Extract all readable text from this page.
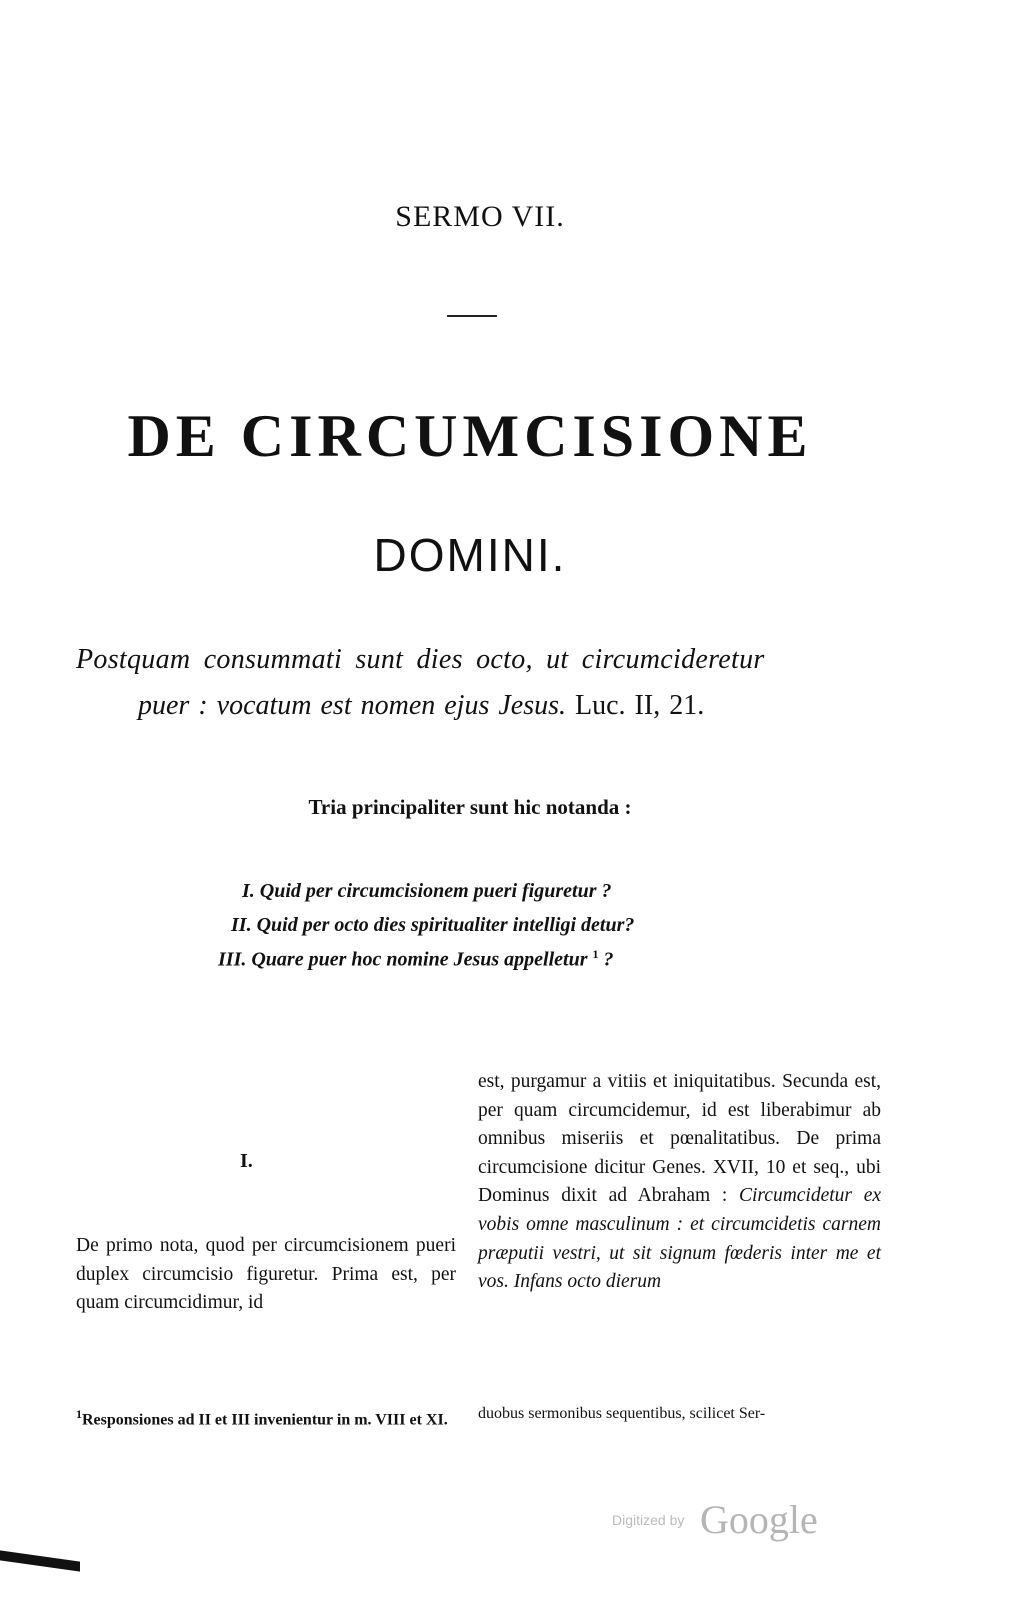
SERMO VII.
DE CIRCUMCISIONE
DOMINI.
Postquam consummati sunt dies octo, ut circumcideretur
puer : vocatum est nomen ejus Jesus. Luc. II, 21.
Tria principaliter sunt hic notanda :
I. Quid per circumcisionem pueri figuretur ?
II. Quid per octo dies spiritualiter intelligi detur?
III. Quare puer hoc nomine Jesus appelletur $^1$ ?
I.
De primo nota, quod per circumcisionem pueri duplex circumcisio figuretur. Prima est, per quam circumcidimur, id
est, purgamur a vitiis et iniquitatibus. Secunda est, per quam circumcidemur, id est liberabimur ab omnibus miseriis et pœnalitatibus. De prima circumcisione dicitur Genes. XVII, 10 et seq., ubi Dominus dixit ad Abraham : Circumcidetur ex vobis omne masculinum : et circumcidetis carnem præputii vestri, ut sit signum fœderis inter me et vos. Infans octo dierum
$^1$Responsiones ad II et III invenientur in m. VIII et XI.	duobus sermonibus sequentibus, scilicet Ser-
Digitized by Google
